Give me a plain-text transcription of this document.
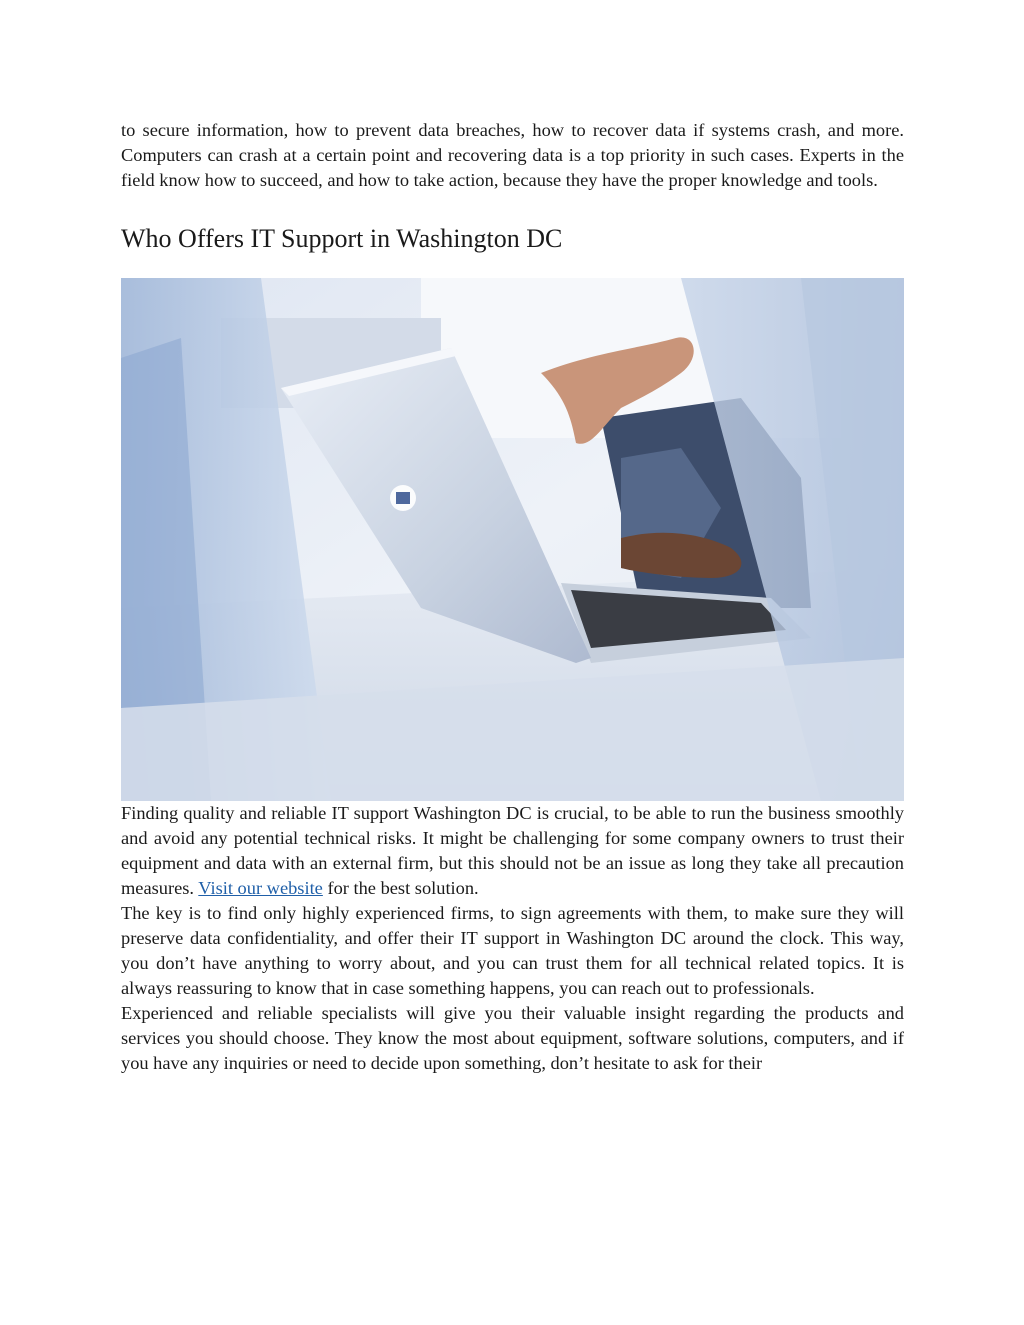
to secure information, how to prevent data breaches, how to recover data if systems crash, and more. Computers can crash at a certain point and recovering data is a top priority in such cases. Experts in the field know how to succeed, and how to take action, because they have the proper knowledge and tools.

Who Offers IT Support in Washington DC

Finding quality and reliable IT support Washington DC is crucial, to be able to run the business smoothly and avoid any potential technical risks. It might be challenging for some company owners to trust their equipment and data with an external firm, but this should not be an issue as long they take all precaution measures. Visit our website for the best solution.

The key is to find only highly experienced firms, to sign agreements with them, to make sure they will preserve data confidentiality, and offer their IT support in Washington DC around the clock. This way, you don’t have anything to worry about, and you can trust them for all technical related topics. It is always reassuring to know that in case something happens, you can reach out to professionals.

Experienced and reliable specialists will give you their valuable insight regarding the products and services you should choose. They know the most about equipment, software solutions, computers, and if you have any inquiries or need to decide upon something, don’t hesitate to ask for their
